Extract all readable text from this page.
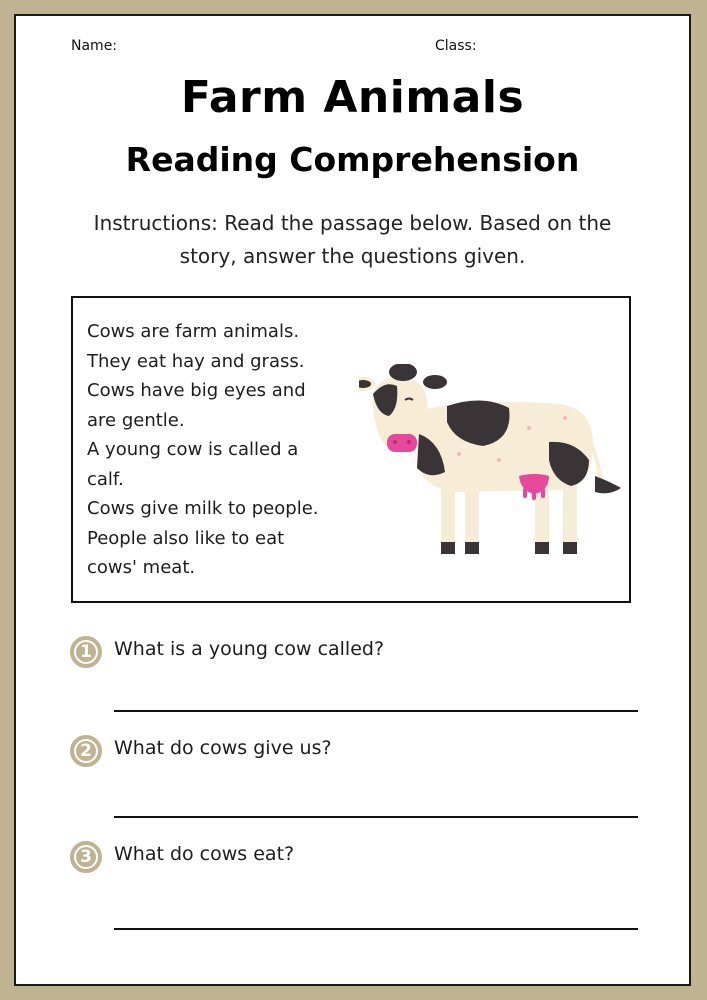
Name:	Class:
Farm Animals
Reading Comprehension
Instructions: Read the passage below. Based on the story, answer the questions given.
Cows are farm animals.
They eat hay and grass.
Cows have big eyes and
are gentle.
A young cow is called a
calf.
Cows give milk to people.
People also like to eat
cows' meat.
1	What is a young cow called?
2	What do cows give us?
3	What do cows eat?
